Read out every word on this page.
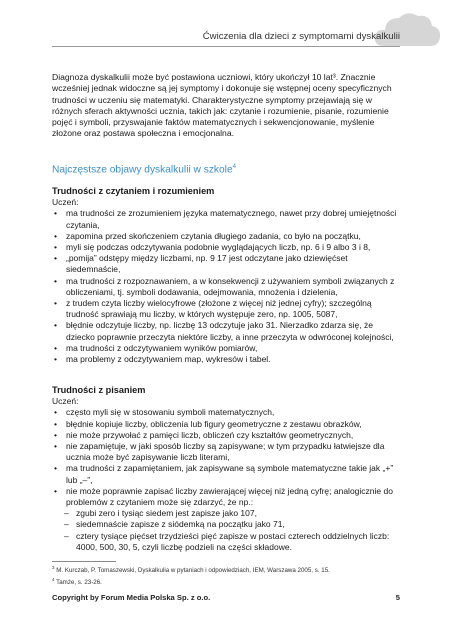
Ćwiczenia dla dzieci z symptomami dyskalkulii

Diagnoza dyskalkulii może być postawiona uczniowi, który ukończył 10 lat³. Znacznie wcześniej jednak widoczne są jej symptomy i dokonuje się wstępnej oceny specyficznych trudności w uczeniu się matematyki. Charakterystyczne symptomy przejawiają się w różnych sferach aktywności ucznia, takich jak: czytanie i rozumienie, pisanie, rozumienie pojęć i symboli, przyswajanie faktów matematycznych i sekwencjonowanie, myślenie złożone oraz postawa społeczna i emocjonalna.

Najczęstsze objawy dyskalkulii w szkole$^4$
Trudności z czytaniem i rozumieniem

Uczeń:

• ma trudności ze zrozumieniem języka matematycznego, nawet przy dobrej umiejętności czytania,
• zapomina przed skończeniem czytania długiego zadania, co było na początku,
• myli się podczas odczytywania podobnie wyglądających liczb, np. 6 i 9 albo 3 i 8,
• „pomija” odstępy między liczbami, np. 9 17 jest odczytane jako dziewięćset siedemnaście,
• ma trudności z rozpoznawaniem, a w konsekwencji z używaniem symboli związanych z obliczeniami, tj. symboli dodawania, odejmowania, mnożenia i dzielenia,
• z trudem czyta liczby wielocyfrowe (złożone z więcej niż jednej cyfry); szczególną trudność sprawiają mu liczby, w których występuje zero, np. 1005, 5087,
• błędnie odczytuje liczby, np. liczbę 13 odczytuje jako 31. Nierzadko zdarza się, że dziecko poprawnie przeczyta niektóre liczby, a inne przeczyta w odwróconej kolejności,
• ma trudności z odczytywaniem wyników pomiarów,
• ma problemy z odczytywaniem map, wykresów i tabel.
Trudności z pisaniem

Uczeń:

• często myli się w stosowaniu symboli matematycznych,
• błędnie kopiuje liczby, obliczenia lub figury geometryczne z zestawu obrazków,
• nie może przywołać z pamięci liczb, obliczeń czy kształtów geometrycznych,
• nie zapamiętuje, w jaki sposób liczby są zapisywane; w tym przypadku łatwiejsze dla ucznia może być zapisywanie liczb literami,
• ma trudności z zapamiętaniem, jak zapisywane są symbole matematyczne takie jak „+” lub „–”,
• nie może poprawnie zapisać liczby zawierającej więcej niż jedną cyfrę; analogicznie do problemów z czytaniem może się zdarzyć, że np.:
– zgubi zero i tysiąc siedem jest zapisze jako 107,
– siedemnaście zapisze z siódemką na początku jako 71,
– cztery tysiące pięćset trzydzieści pięć zapisze w postaci czterech oddzielnych liczb: 4000, 500, 30, 5, czyli liczbę podzieli na części składowe.
$^3$ M. Kurczab, P. Tomaszewski, Dyskalkulia w pytaniach i odpowiedziach, IEM, Warszawa 2005, s. 15.
$^4$ Tamże, s. 23-26.
Copyright by Forum Media Polska Sp. z o.o.	5
